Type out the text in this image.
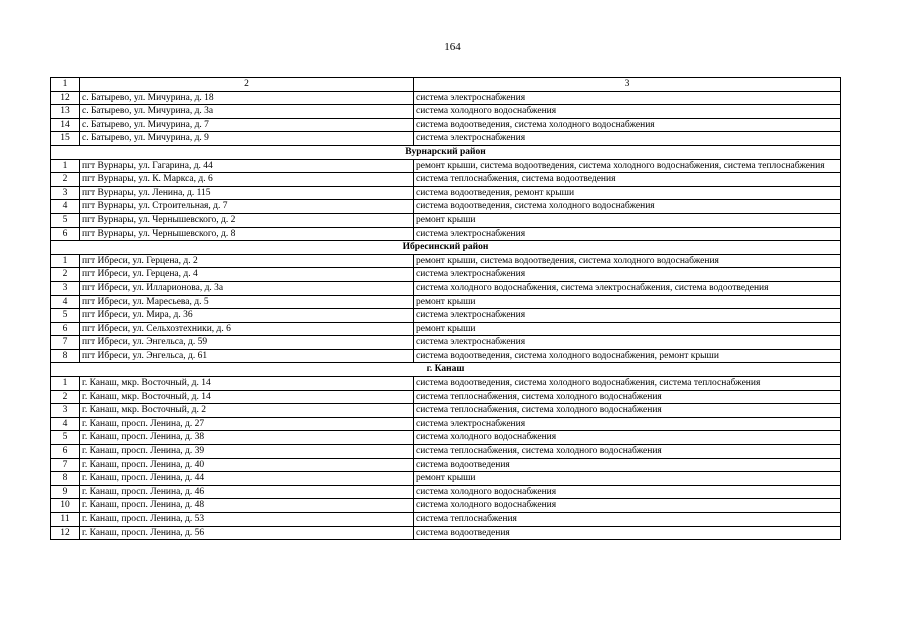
164
1	2	3
12	с. Батырево, ул. Мичурина, д. 18	система электроснабжения
13	с. Батырево, ул. Мичурина, д. 3а	система холодного водоснабжения
14	с. Батырево, ул. Мичурина, д. 7	система водоотведения, система холодного водоснабжения
15	с. Батырево, ул. Мичурина, д. 9	система электроснабжения
Вурнарский район		
1	пгт Вурнары, ул. Гагарина, д. 44	ремонт крыши, система водоотведения, система холодного водоснабжения, система теплоснабжения
2	пгт Вурнары, ул. К. Маркса, д. 6	система теплоснабжения, система водоотведения
3	пгт Вурнары, ул. Ленина, д. 115	система водоотведения, ремонт крыши
4	пгт Вурнары, ул. Строительная, д. 7	система водоотведения, система холодного водоснабжения
5	пгт Вурнары, ул. Чернышевского, д. 2	ремонт крыши
6	пгт Вурнары, ул. Чернышевского, д. 8	система электроснабжения
Ибресинский район		
1	пгт Ибреси, ул. Герцена, д. 2	ремонт крыши, система водоотведения, система холодного водоснабжения
2	пгт Ибреси, ул. Герцена, д. 4	система электроснабжения
3	пгт Ибреси, ул. Илларионова, д. 3а	система холодного водоснабжения, система электроснабжения, система водоотведения
4	пгт Ибреси, ул. Маресьева, д. 5	ремонт крыши
5	пгт Ибреси, ул. Мира, д. 36	система электроснабжения
6	пгт Ибреси, ул. Сельхозтехники, д. 6	ремонт крыши
7	пгт Ибреси, ул. Энгельса, д. 59	система электроснабжения
8	пгт Ибреси, ул. Энгельса, д. 61	система водоотведения, система холодного водоснабжения, ремонт крыши
г. Канаш		
1	г. Канаш, мкр. Восточный, д. 14	система водоотведения, система холодного водоснабжения, система теплоснабжения
2	г. Канаш, мкр. Восточный, д. 14	система теплоснабжения, система холодного водоснабжения
3	г. Канаш, мкр. Восточный, д. 2	система теплоснабжения, система холодного водоснабжения
4	г. Канаш, просп. Ленина, д. 27	система электроснабжения
5	г. Канаш, просп. Ленина, д. 38	система холодного водоснабжения
6	г. Канаш, просп. Ленина, д. 39	система теплоснабжения, система холодного водоснабжения
7	г. Канаш, просп. Ленина, д. 40	система водоотведения
8	г. Канаш, просп. Ленина, д. 44	ремонт крыши
9	г. Канаш, просп. Ленина, д. 46	система холодного водоснабжения
10	г. Канаш, просп. Ленина, д. 48	система холодного водоснабжения
11	г. Канаш, просп. Ленина, д. 53	система теплоснабжения
12	г. Канаш, просп. Ленина, д. 56	система водоотведения
